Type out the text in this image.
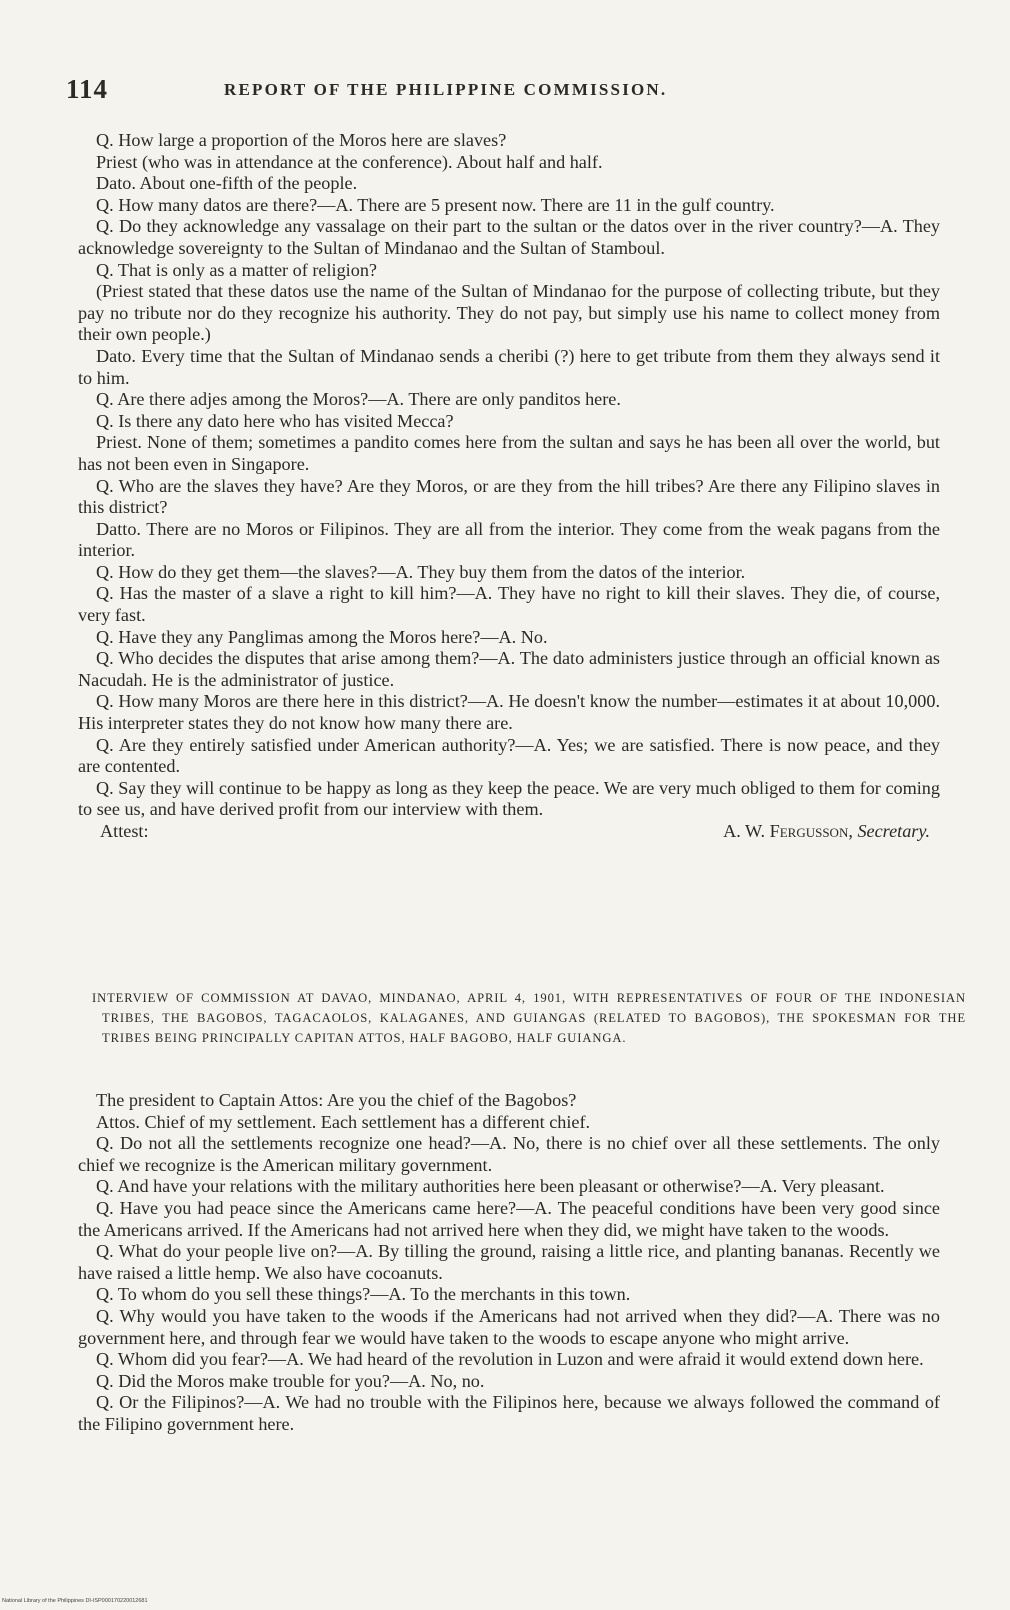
114	REPORT OF THE PHILIPPINE COMMISSION.

Q. How large a proportion of the Moros here are slaves?

Priest (who was in attendance at the conference). About half and half.

Dato. About one-fifth of the people.

Q. How many datos are there?—A. There are 5 present now. There are 11 in the gulf country.

Q. Do they acknowledge any vassalage on their part to the sultan or the datos over in the river country?—A. They acknowledge sovereignty to the Sultan of Mindanao and the Sultan of Stamboul.

Q. That is only as a matter of religion?

(Priest stated that these datos use the name of the Sultan of Mindanao for the purpose of collecting tribute, but they pay no tribute nor do they recognize his authority. They do not pay, but simply use his name to collect money from their own people.)

Dato. Every time that the Sultan of Mindanao sends a cheribi (?) here to get tribute from them they always send it to him.

Q. Are there adjes among the Moros?—A. There are only panditos here.

Q. Is there any dato here who has visited Mecca?

Priest. None of them; sometimes a pandito comes here from the sultan and says he has been all over the world, but has not been even in Singapore.

Q. Who are the slaves they have? Are they Moros, or are they from the hill tribes? Are there any Filipino slaves in this district?

Datto. There are no Moros or Filipinos. They are all from the interior. They come from the weak pagans from the interior.

Q. How do they get them—the slaves?—A. They buy them from the datos of the interior.

Q. Has the master of a slave a right to kill him?—A. They have no right to kill their slaves. They die, of course, very fast.

Q. Have they any Panglimas among the Moros here?—A. No.

Q. Who decides the disputes that arise among them?—A. The dato administers justice through an official known as Nacudah. He is the administrator of justice.

Q. How many Moros are there here in this district?—A. He doesn't know the number—estimates it at about 10,000. His interpreter states they do not know how many there are.

Q. Are they entirely satisfied under American authority?—A. Yes; we are satisfied. There is now peace, and they are contented.

Q. Say they will continue to be happy as long as they keep the peace. We are very much obliged to them for coming to see us, and have derived profit from our interview with them.

Attest:	A. W. Fergusson, Secretary.
INTERVIEW OF COMMISSION AT DAVAO, MINDANAO, APRIL 4, 1901, WITH REPRESENTATIVES OF FOUR OF THE INDONESIAN TRIBES, THE BAGOBOS, TAGACAOLOS, KALAGANES, AND GUIANGAS (RELATED TO BAGOBOS), THE SPOKESMAN FOR THE TRIBES BEING PRINCIPALLY CAPITAN ATTOS, HALF BAGOBO, HALF GUIANGA.

The president to Captain Attos: Are you the chief of the Bagobos?

Attos. Chief of my settlement. Each settlement has a different chief.

Q. Do not all the settlements recognize one head?—A. No, there is no chief over all these settlements. The only chief we recognize is the American military government.

Q. And have your relations with the military authorities here been pleasant or otherwise?—A. Very pleasant.

Q. Have you had peace since the Americans came here?—A. The peaceful conditions have been very good since the Americans arrived. If the Americans had not arrived here when they did, we might have taken to the woods.

Q. What do your people live on?—A. By tilling the ground, raising a little rice, and planting bananas. Recently we have raised a little hemp. We also have cocoanuts.

Q. To whom do you sell these things?—A. To the merchants in this town.

Q. Why would you have taken to the woods if the Americans had not arrived when they did?—A. There was no government here, and through fear we would have taken to the woods to escape anyone who might arrive.

Q. Whom did you fear?—A. We had heard of the revolution in Luzon and were afraid it would extend down here.

Q. Did the Moros make trouble for you?—A. No, no.

Q. Or the Filipinos?—A. We had no trouble with the Filipinos here, because we always followed the command of the Filipino government here.

National Library of the Philippines DI-ISP000170220012681
